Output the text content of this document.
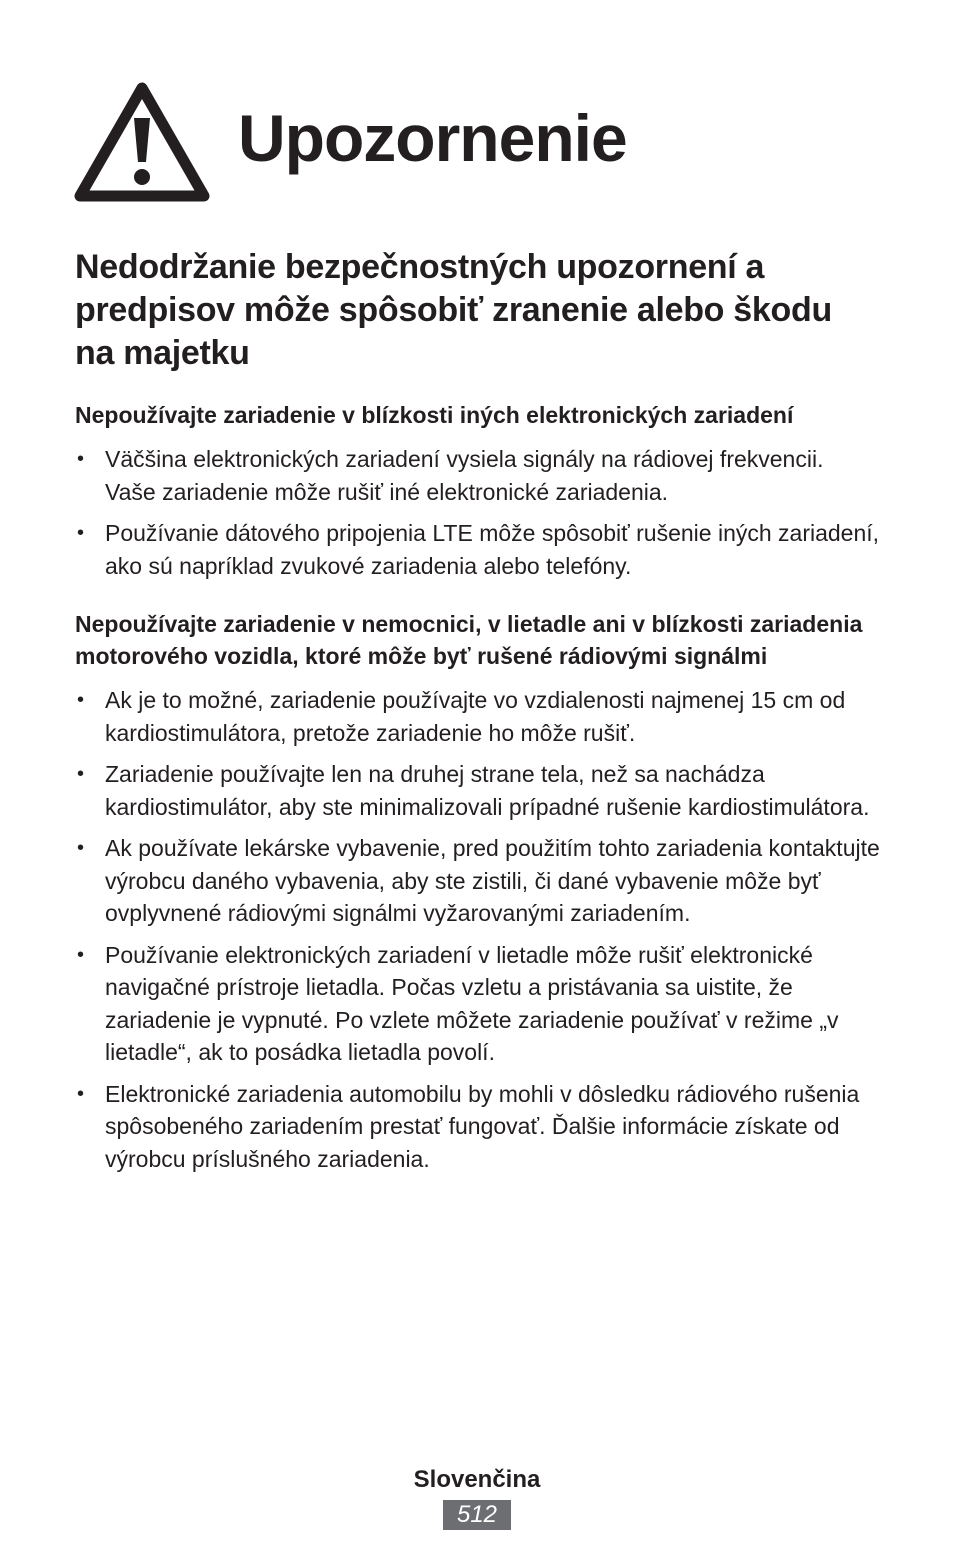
Upozornenie
Nedodržanie bezpečnostných upozornení a predpisov môže spôsobiť zranenie alebo škodu na majetku
Nepoužívajte zariadenie v blízkosti iných elektronických zariadení
• Väčšina elektronických zariadení vysiela signály na rádiovej frekvencii. Vaše zariadenie môže rušiť iné elektronické zariadenia.
• Používanie dátového pripojenia LTE môže spôsobiť rušenie iných zariadení, ako sú napríklad zvukové zariadenia alebo telefóny.
Nepoužívajte zariadenie v nemocnici, v lietadle ani v blízkosti zariadenia motorového vozidla, ktoré môže byť rušené rádiovými signálmi
• Ak je to možné, zariadenie používajte vo vzdialenosti najmenej 15 cm od kardiostimulátora, pretože zariadenie ho môže rušiť.
• Zariadenie používajte len na druhej strane tela, než sa nachádza kardiostimulátor, aby ste minimalizovali prípadné rušenie kardiostimulátora.
• Ak používate lekárske vybavenie, pred použitím tohto zariadenia kontaktujte výrobcu daného vybavenia, aby ste zistili, či dané vybavenie môže byť ovplyvnené rádiovými signálmi vyžarovanými zariadením.
• Používanie elektronických zariadení v lietadle môže rušiť elektronické navigačné prístroje lietadla. Počas vzletu a pristávania sa uistite, že zariadenie je vypnuté. Po vzlete môžete zariadenie používať v režime „v lietadle“, ak to posádka lietadla povolí.
• Elektronické zariadenia automobilu by mohli v dôsledku rádiového rušenia spôsobeného zariadením prestať fungovať. Ďalšie informácie získate od výrobcu príslušného zariadenia.
Slovenčina
512
